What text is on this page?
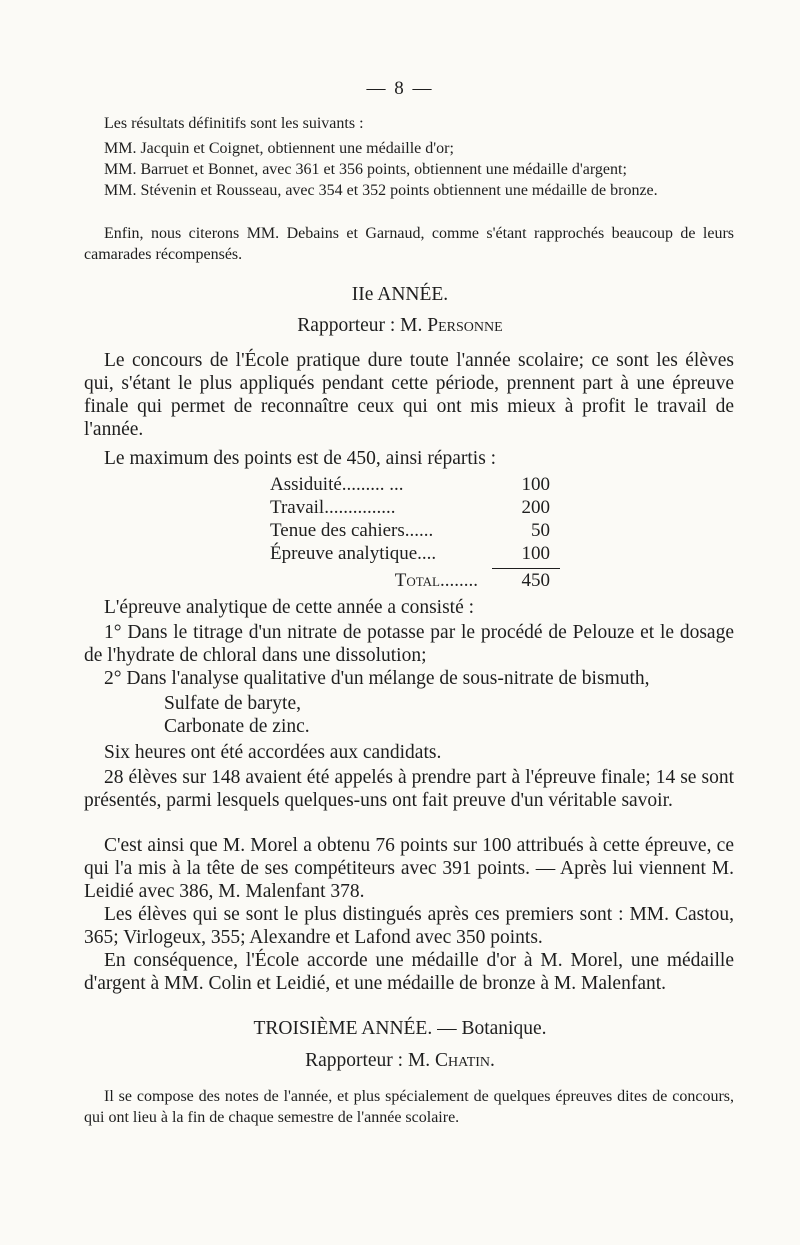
— 8 —
Les résultats définitifs sont les suivants :
MM. Jacquin et Coignet, obtiennent une médaille d'or;
MM. Barruet et Bonnet, avec 361 et 356 points, obtiennent une médaille d'argent;
MM. Stévenin et Rousseau, avec 354 et 352 points obtiennent une médaille de bronze.
Enfin, nous citerons MM. Debains et Garnaud, comme s'étant rapprochés beaucoup de leurs camarades récompensés.
IIe ANNÉE.
Rapporteur : M. Personne
Le concours de l'École pratique dure toute l'année scolaire; ce sont les élèves qui, s'étant le plus appliqués pendant cette période, prennent part à une épreuve finale qui permet de reconnaître ceux qui ont mis mieux à profit le travail de l'année.
Le maximum des points est de 450, ainsi répartis :
Assiduité......... ...	100
Travail...............	200
Tenue des cahiers......	50
Épreuve analytique....	100
Total........	450
L'épreuve analytique de cette année a consisté :
1° Dans le titrage d'un nitrate de potasse par le procédé de Pelouze et le dosage de l'hydrate de chloral dans une dissolution;
2° Dans l'analyse qualitative d'un mélange de sous-nitrate de bismuth,
Sulfate de baryte,
Carbonate de zinc.
Six heures ont été accordées aux candidats.
28 élèves sur 148 avaient été appelés à prendre part à l'épreuve finale; 14 se sont présentés, parmi lesquels quelques-uns ont fait preuve d'un véritable savoir.
C'est ainsi que M. Morel a obtenu 76 points sur 100 attribués à cette épreuve, ce qui l'a mis à la tête de ses compétiteurs avec 391 points. — Après lui viennent M. Leidié avec 386, M. Malenfant 378.
Les élèves qui se sont le plus distingués après ces premiers sont : MM. Castou, 365; Virlogeux, 355; Alexandre et Lafond avec 350 points.
En conséquence, l'École accorde une médaille d'or à M. Morel, une médaille d'argent à MM. Colin et Leidié, et une médaille de bronze à M. Malenfant.
TROISIÈME ANNÉE. — Botanique.
Rapporteur : M. Chatin.
Il se compose des notes de l'année, et plus spécialement de quelques épreuves dites de concours, qui ont lieu à la fin de chaque semestre de l'année scolaire.
